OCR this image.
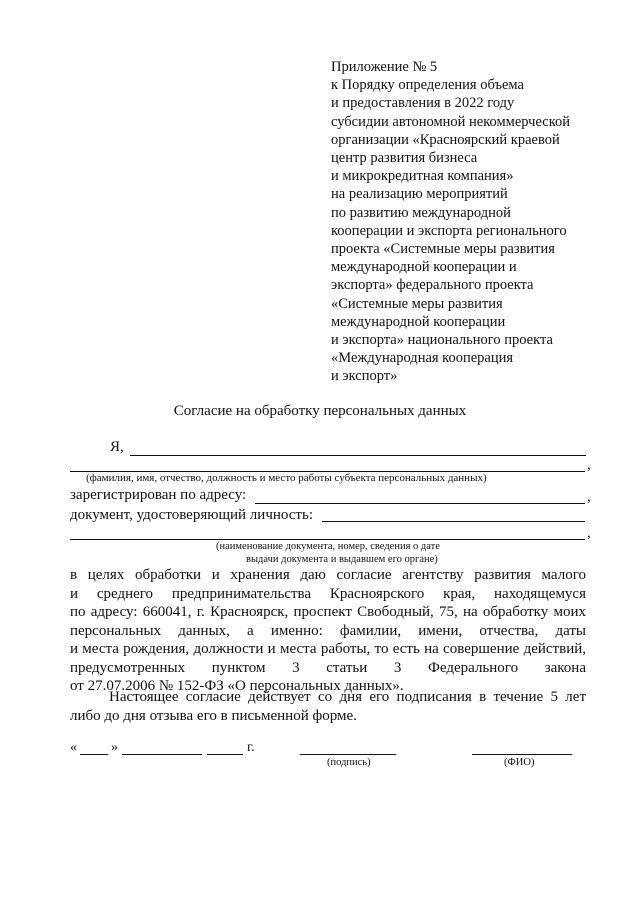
Приложение № 5
к Порядку определения объема
и предоставления в 2022 году
субсидии автономной некоммерческой
организации «Красноярский краевой
центр развития бизнеса
и микрокредитная компания»
на реализацию мероприятий
по развитию международной
кооперации и экспорта регионального
проекта «Системные меры развития
международной кооперации и
экспорта» федерального проекта
«Системные меры развития
международной кооперации
и экспорта» национального проекта
«Международная кооперация
и экспорт»
Согласие на обработку персональных данных
Я,
,
(фамилия, имя, отчество, должность и место работы субъекта персональных данных)
зарегистрирован по адресу:	,
документ, удостоверяющий личность:
,
(наименование документа, номер, сведения о дате
выдачи документа и выдавшем его органе)
в целях обработки и хранения даю согласие агентству развития малого
и среднего предпринимательства Красноярского края, находящемуся
по адресу: 660041, г. Красноярск, проспект Свободный, 75, на обработку моих
персональных данных, а именно: фамилии, имени, отчества, даты
и места рождения, должности и места работы, то есть на совершение действий,
предусмотренных пунктом 3 статьи 3 Федерального закона
от 27.07.2006 № 152-ФЗ «О персональных данных».
Настоящее согласие действует со дня его подписания в течение 5 лет
либо до дня отзыва его в письменной форме.
« »	г.
(подпись)	(ФИО)
